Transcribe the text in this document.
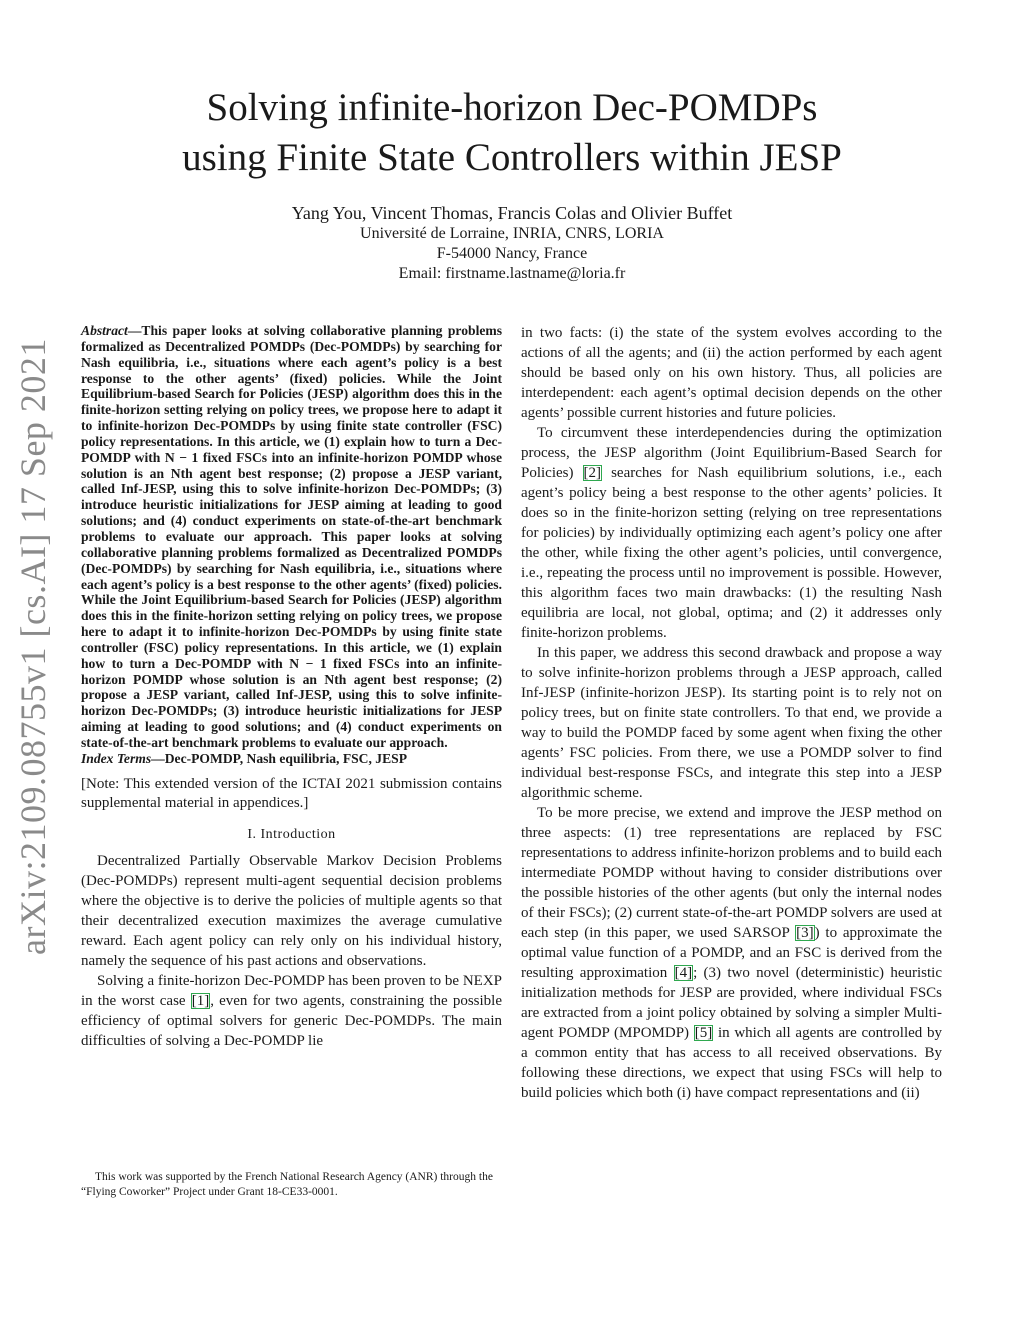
arXiv:2109.08755v1 [cs.AI] 17 Sep 2021
Solving infinite-horizon Dec-POMDPs
using Finite State Controllers within JESP
Yang You, Vincent Thomas, Francis Colas and Olivier Buffet
Université de Lorraine, INRIA, CNRS, LORIA
F-54000 Nancy, France
Email: firstname.lastname@loria.fr

Abstract—This paper looks at solving collaborative planning problems formalized as Decentralized POMDPs (Dec-POMDPs) by searching for Nash equilibria, i.e., situations where each agent’s policy is a best response to the other agents’ (fixed) policies. While the Joint Equilibrium-based Search for Policies (JESP) algorithm does this in the finite-horizon setting relying on policy trees, we propose here to adapt it to infinite-horizon Dec-POMDPs by using finite state controller (FSC) policy representations. In this article, we (1) explain how to turn a Dec-POMDP with N − 1 fixed FSCs into an infinite-horizon POMDP whose solution is an Nth agent best response; (2) propose a JESP variant, called Inf-JESP, using this to solve infinite-horizon Dec-POMDPs; (3) introduce heuristic initializations for JESP aiming at leading to good solutions; and (4) conduct experiments on state-of-the-art benchmark problems to evaluate our approach. This paper looks at solving collaborative planning problems formalized as Decentralized POMDPs (Dec-POMDPs) by searching for Nash equilibria, i.e., situations where each agent’s policy is a best response to the other agents’ (fixed) policies. While the Joint Equilibrium-based Search for Policies (JESP) algorithm does this in the finite-horizon setting relying on policy trees, we propose here to adapt it to infinite-horizon Dec-POMDPs by using finite state controller (FSC) policy representations. In this article, we (1) explain how to turn a Dec-POMDP with N − 1 fixed FSCs into an infinite-horizon POMDP whose solution is an Nth agent best response; (2) propose a JESP variant, called Inf-JESP, using this to solve infinite-horizon Dec-POMDPs; (3) introduce heuristic initializations for JESP aiming at leading to good solutions; and (4) conduct experiments on state-of-the-art benchmark problems to evaluate our approach.

Index Terms—Dec-POMDP, Nash equilibria, FSC, JESP

[Note: This extended version of the ICTAI 2021 submission contains supplemental material in appendices.]

I. Introduction

Decentralized Partially Observable Markov Decision Problems (Dec-POMDPs) represent multi-agent sequential decision problems where the objective is to derive the policies of multiple agents so that their decentralized execution maximizes the average cumulative reward. Each agent policy can rely only on his individual history, namely the sequence of his past actions and observations.

Solving a finite-horizon Dec-POMDP has been proven to be NEXP in the worst case [1], even for two agents, constraining the possible efficiency of optimal solvers for generic Dec-POMDPs. The main difficulties of solving a Dec-POMDP lie

This work was supported by the French National Research Agency (ANR) through the “Flying Coworker” Project under Grant 18-CE33-0001.

in two facts: (i) the state of the system evolves according to the actions of all the agents; and (ii) the action performed by each agent should be based only on his own history. Thus, all policies are interdependent: each agent’s optimal decision depends on the other agents’ possible current histories and future policies.

To circumvent these interdependencies during the optimization process, the JESP algorithm (Joint Equilibrium-Based Search for Policies) [2] searches for Nash equilibrium solutions, i.e., each agent’s policy being a best response to the other agents’ policies. It does so in the finite-horizon setting (relying on tree representations for policies) by individually optimizing each agent’s policy one after the other, while fixing the other agent’s policies, until convergence, i.e., repeating the process until no improvement is possible. However, this algorithm faces two main drawbacks: (1) the resulting Nash equilibria are local, not global, optima; and (2) it addresses only finite-horizon problems.

In this paper, we address this second drawback and propose a way to solve infinite-horizon problems through a JESP approach, called Inf-JESP (infinite-horizon JESP). Its starting point is to rely not on policy trees, but on finite state controllers. To that end, we provide a way to build the POMDP faced by some agent when fixing the other agents’ FSC policies. From there, we use a POMDP solver to find individual best-response FSCs, and integrate this step into a JESP algorithmic scheme.

To be more precise, we extend and improve the JESP method on three aspects: (1) tree representations are replaced by FSC representations to address infinite-horizon problems and to build each intermediate POMDP without having to consider distributions over the possible histories of the other agents (but only the internal nodes of their FSCs); (2) current state-of-the-art POMDP solvers are used at each step (in this paper, we used SARSOP [3]) to approximate the optimal value function of a POMDP, and an FSC is derived from the resulting approximation [4]; (3) two novel (deterministic) heuristic initialization methods for JESP are provided, where individual FSCs are extracted from a joint policy obtained by solving a simpler Multi-agent POMDP (MPOMDP) [5] in which all agents are controlled by a common entity that has access to all received observations. By following these directions, we expect that using FSCs will help to build policies which both (i) have compact representations and (ii)
